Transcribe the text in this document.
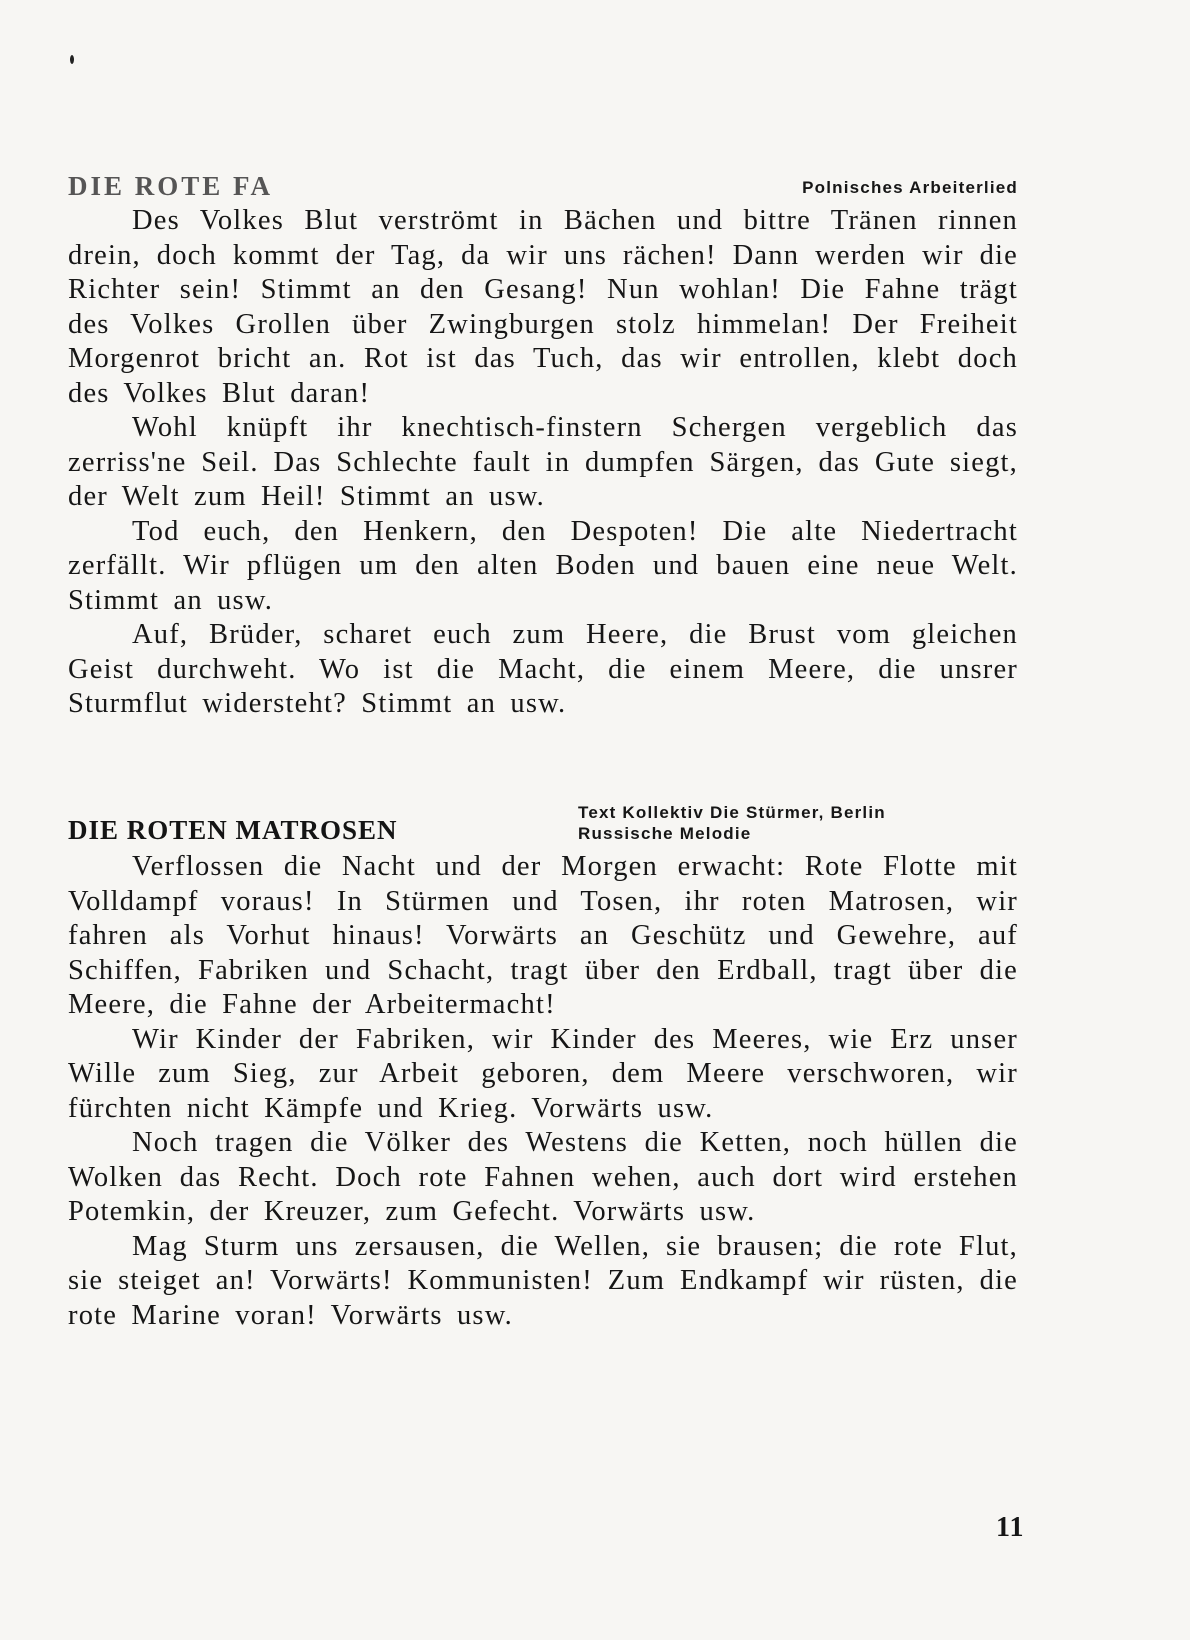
DIE ROTE FA	Polnisches Arbeiterlied

Des Volkes Blut verströmt in Bächen und bittre Tränen rinnen drein, doch kommt der Tag, da wir uns rächen! Dann werden wir die Richter sein! Stimmt an den Gesang! Nun wohlan! Die Fahne trägt des Volkes Grollen über Zwingburgen stolz himmelan! Der Freiheit Morgenrot bricht an. Rot ist das Tuch, das wir entrollen, klebt doch des Volkes Blut daran!

Wohl knüpft ihr knechtisch-finstern Schergen vergeblich das zerriss'ne Seil. Das Schlechte fault in dumpfen Särgen, das Gute siegt, der Welt zum Heil! Stimmt an usw.

Tod euch, den Henkern, den Despoten! Die alte Niedertracht zerfällt. Wir pflügen um den alten Boden und bauen eine neue Welt. Stimmt an usw.

Auf, Brüder, scharet euch zum Heere, die Brust vom gleichen Geist durchweht. Wo ist die Macht, die einem Meere, die unsrer Sturmflut widersteht? Stimmt an usw.

DIE ROTEN MATROSEN
Text Kollektiv Die Stürmer, Berlin
Russische Melodie

Verflossen die Nacht und der Morgen erwacht: Rote Flotte mit Volldampf voraus! In Stürmen und Tosen, ihr roten Matrosen, wir fahren als Vorhut hinaus! Vorwärts an Geschütz und Gewehre, auf Schiffen, Fabriken und Schacht, tragt über den Erdball, tragt über die Meere, die Fahne der Arbeitermacht!

Wir Kinder der Fabriken, wir Kinder des Meeres, wie Erz unser Wille zum Sieg, zur Arbeit geboren, dem Meere verschworen, wir fürchten nicht Kämpfe und Krieg. Vorwärts usw.

Noch tragen die Völker des Westens die Ketten, noch hüllen die Wolken das Recht. Doch rote Fahnen wehen, auch dort wird erstehen Potemkin, der Kreuzer, zum Gefecht. Vorwärts usw.

Mag Sturm uns zersausen, die Wellen, sie brausen; die rote Flut, sie steiget an! Vorwärts! Kommunisten! Zum Endkampf wir rüsten, die rote Marine voran! Vorwärts usw.

11
